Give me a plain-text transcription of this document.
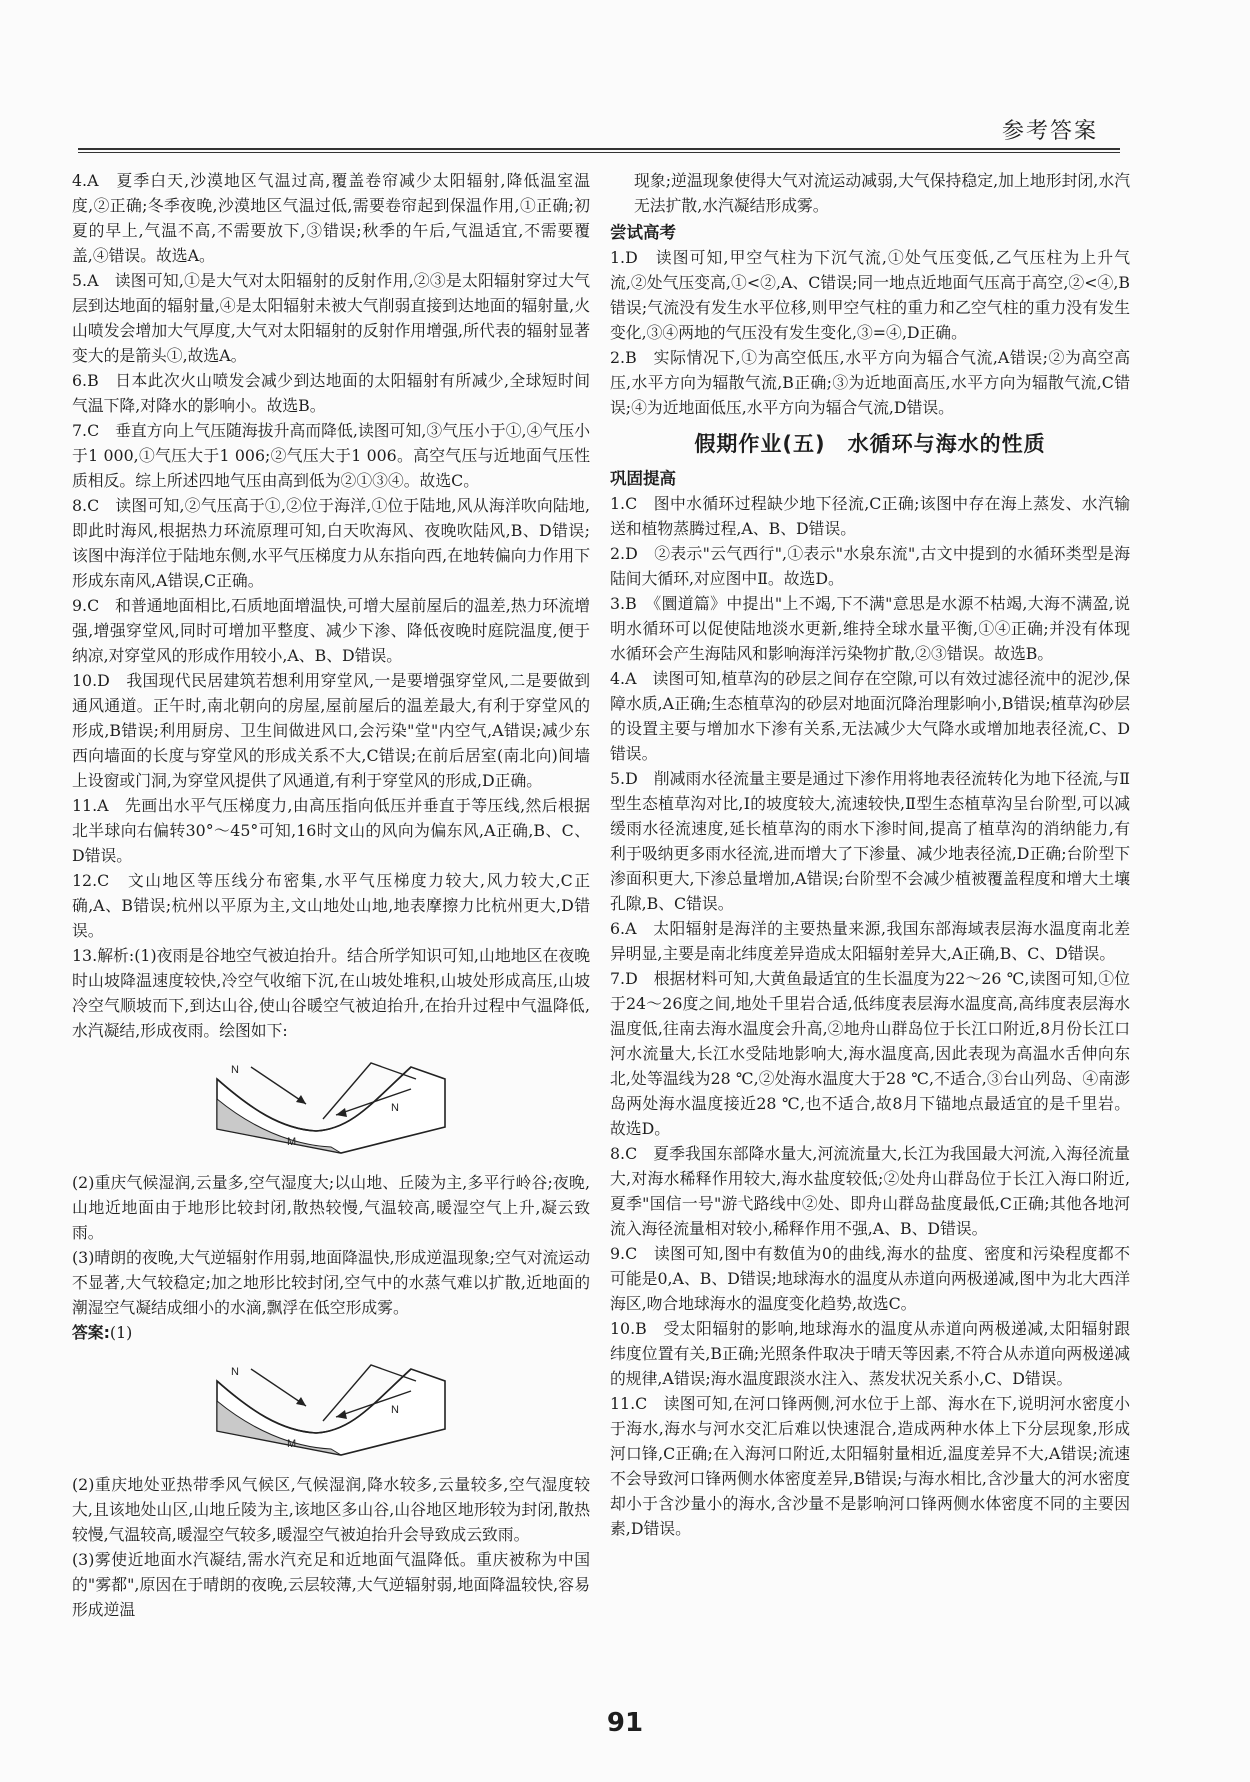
参考答案

4.A　夏季白天,沙漠地区气温过高,覆盖卷帘减少太阳辐射,降低温室温度,②正确;冬季夜晚,沙漠地区气温过低,需要卷帘起到保温作用,①正确;初夏的早上,气温不高,不需要放下,③错误;秋季的午后,气温适宜,不需要覆盖,④错误。故选A。

5.A　读图可知,①是大气对太阳辐射的反射作用,②③是太阳辐射穿过大气层到达地面的辐射量,④是太阳辐射未被大气削弱直接到达地面的辐射量,火山喷发会增加大气厚度,大气对太阳辐射的反射作用增强,所代表的辐射显著变大的是箭头①,故选A。

6.B　日本此次火山喷发会减少到达地面的太阳辐射有所减少,全球短时间气温下降,对降水的影响小。故选B。

7.C　垂直方向上气压随海拔升高而降低,读图可知,③气压小于①,④气压小于1 000,①气压大于1 006;②气压大于1 006。高空气压与近地面气压性质相反。综上所述四地气压由高到低为②①③④。故选C。

8.C　读图可知,②气压高于①,②位于海洋,①位于陆地,风从海洋吹向陆地,即此时海风,根据热力环流原理可知,白天吹海风、夜晚吹陆风,B、D错误;该图中海洋位于陆地东侧,水平气压梯度力从东指向西,在地转偏向力作用下形成东南风,A错误,C正确。

9.C　和普通地面相比,石质地面增温快,可增大屋前屋后的温差,热力环流增强,增强穿堂风,同时可增加平整度、减少下渗、降低夜晚时庭院温度,便于纳凉,对穿堂风的形成作用较小,A、B、D错误。

10.D　我国现代民居建筑若想利用穿堂风,一是要增强穿堂风,二是要做到通风通道。正午时,南北朝向的房屋,屋前屋后的温差最大,有利于穿堂风的形成,B错误;利用厨房、卫生间做进风口,会污染"堂"内空气,A错误;减少东西向墙面的长度与穿堂风的形成关系不大,C错误;在前后居室(南北向)间墙上设窗或门洞,为穿堂风提供了风通道,有利于穿堂风的形成,D正确。

11.A　先画出水平气压梯度力,由高压指向低压并垂直于等压线,然后根据北半球向右偏转30°～45°可知,16时文山的风向为偏东风,A正确,B、C、D错误。

12.C　文山地区等压线分布密集,水平气压梯度力较大,风力较大,C正确,A、B错误;杭州以平原为主,文山地处山地,地表摩擦力比杭州更大,D错误。

13.解析:(1)夜雨是谷地空气被迫抬升。结合所学知识可知,山地地区在夜晚时山坡降温速度较快,冷空气收缩下沉,在山坡处堆积,山坡处形成高压,山坡冷空气顺坡而下,到达山谷,使山谷暖空气被迫抬升,在抬升过程中气温降低,水汽凝结,形成夜雨。绘图如下:

N
N
M

(2)重庆气候湿润,云量多,空气湿度大;以山地、丘陵为主,多平行岭谷;夜晚,山地近地面由于地形比较封闭,散热较慢,气温较高,暖湿空气上升,凝云致雨。

(3)晴朗的夜晚,大气逆辐射作用弱,地面降温快,形成逆温现象;空气对流运动不显著,大气较稳定;加之地形比较封闭,空气中的水蒸气难以扩散,近地面的潮湿空气凝结成细小的水滴,飘浮在低空形成雾。

答案:(1)

N
N
M

(2)重庆地处亚热带季风气候区,气候湿润,降水较多,云量较多,空气湿度较大,且该地处山区,山地丘陵为主,该地区多山谷,山谷地区地形较为封闭,散热较慢,气温较高,暖湿空气较多,暖湿空气被迫抬升会导致成云致雨。

(3)雾使近地面水汽凝结,需水汽充足和近地面气温降低。重庆被称为中国的"雾都",原因在于晴朗的夜晚,云层较薄,大气逆辐射弱,地面降温较快,容易形成逆温

现象;逆温现象使得大气对流运动减弱,大气保持稳定,加上地形封闭,水汽无法扩散,水汽凝结形成雾。

尝试高考

1.D　读图可知,甲空气柱为下沉气流,①处气压变低,乙气压柱为上升气流,②处气压变高,①<②,A、C错误;同一地点近地面气压高于高空,②<④,B错误;气流没有发生水平位移,则甲空气柱的重力和乙空气柱的重力没有发生变化,③④两地的气压没有发生变化,③=④,D正确。

2.B　实际情况下,①为高空低压,水平方向为辐合气流,A错误;②为高空高压,水平方向为辐散气流,B正确;③为近地面高压,水平方向为辐散气流,C错误;④为近地面低压,水平方向为辐合气流,D错误。

假期作业(五)　水循环与海水的性质
巩固提高

1.C　图中水循环过程缺少地下径流,C正确;该图中存在海上蒸发、水汽输送和植物蒸腾过程,A、B、D错误。

2.D　②表示"云气西行",①表示"水泉东流",古文中提到的水循环类型是海陆间大循环,对应图中Ⅱ。故选D。

3.B　《圜道篇》中提出"上不竭,下不满"意思是水源不枯竭,大海不满盈,说明水循环可以促使陆地淡水更新,维持全球水量平衡,①④正确;并没有体现水循环会产生海陆风和影响海洋污染物扩散,②③错误。故选B。

4.A　读图可知,植草沟的砂层之间存在空隙,可以有效过滤径流中的泥沙,保障水质,A正确;生态植草沟的砂层对地面沉降治理影响小,B错误;植草沟砂层的设置主要与增加水下渗有关系,无法减少大气降水或增加地表径流,C、D错误。

5.D　削减雨水径流量主要是通过下渗作用将地表径流转化为地下径流,与Ⅱ型生态植草沟对比,Ⅰ的坡度较大,流速较快,Ⅱ型生态植草沟呈台阶型,可以减缓雨水径流速度,延长植草沟的雨水下渗时间,提高了植草沟的消纳能力,有利于吸纳更多雨水径流,进而增大了下渗量、减少地表径流,D正确;台阶型下渗面积更大,下渗总量增加,A错误;台阶型不会减少植被覆盖程度和增大土壤孔隙,B、C错误。

6.A　太阳辐射是海洋的主要热量来源,我国东部海域表层海水温度南北差异明显,主要是南北纬度差异造成太阳辐射差异大,A正确,B、C、D错误。

7.D　根据材料可知,大黄鱼最适宜的生长温度为22～26 ℃,读图可知,①位于24～26度之间,地处千里岩合适,低纬度表层海水温度高,高纬度表层海水温度低,往南去海水温度会升高,②地舟山群岛位于长江口附近,8月份长江口河水流量大,长江水受陆地影响大,海水温度高,因此表现为高温水舌伸向东北,处等温线为28 ℃,②处海水温度大于28 ℃,不适合,③台山列岛、④南澎岛两处海水温度接近28 ℃,也不适合,故8月下锚地点最适宜的是千里岩。故选D。

8.C　夏季我国东部降水量大,河流流量大,长江为我国最大河流,入海径流量大,对海水稀释作用较大,海水盐度较低;②处舟山群岛位于长江入海口附近,夏季"国信一号"游弋路线中②处、即舟山群岛盐度最低,C正确;其他各地河流入海径流量相对较小,稀释作用不强,A、B、D错误。

9.C　读图可知,图中有数值为0的曲线,海水的盐度、密度和污染程度都不可能是0,A、B、D错误;地球海水的温度从赤道向两极递减,图中为北大西洋海区,吻合地球海水的温度变化趋势,故选C。

10.B　受太阳辐射的影响,地球海水的温度从赤道向两极递减,太阳辐射跟纬度位置有关,B正确;光照条件取决于晴天等因素,不符合从赤道向两极递减的规律,A错误;海水温度跟淡水注入、蒸发状况关系小,C、D错误。

11.C　读图可知,在河口锋两侧,河水位于上部、海水在下,说明河水密度小于海水,海水与河水交汇后难以快速混合,造成两种水体上下分层现象,形成河口锋,C正确;在入海河口附近,太阳辐射量相近,温度差异不大,A错误;流速不会导致河口锋两侧水体密度差异,B错误;与海水相比,含沙量大的河水密度却小于含沙量小的海水,含沙量不是影响河口锋两侧水体密度不同的主要因素,D错误。

91
